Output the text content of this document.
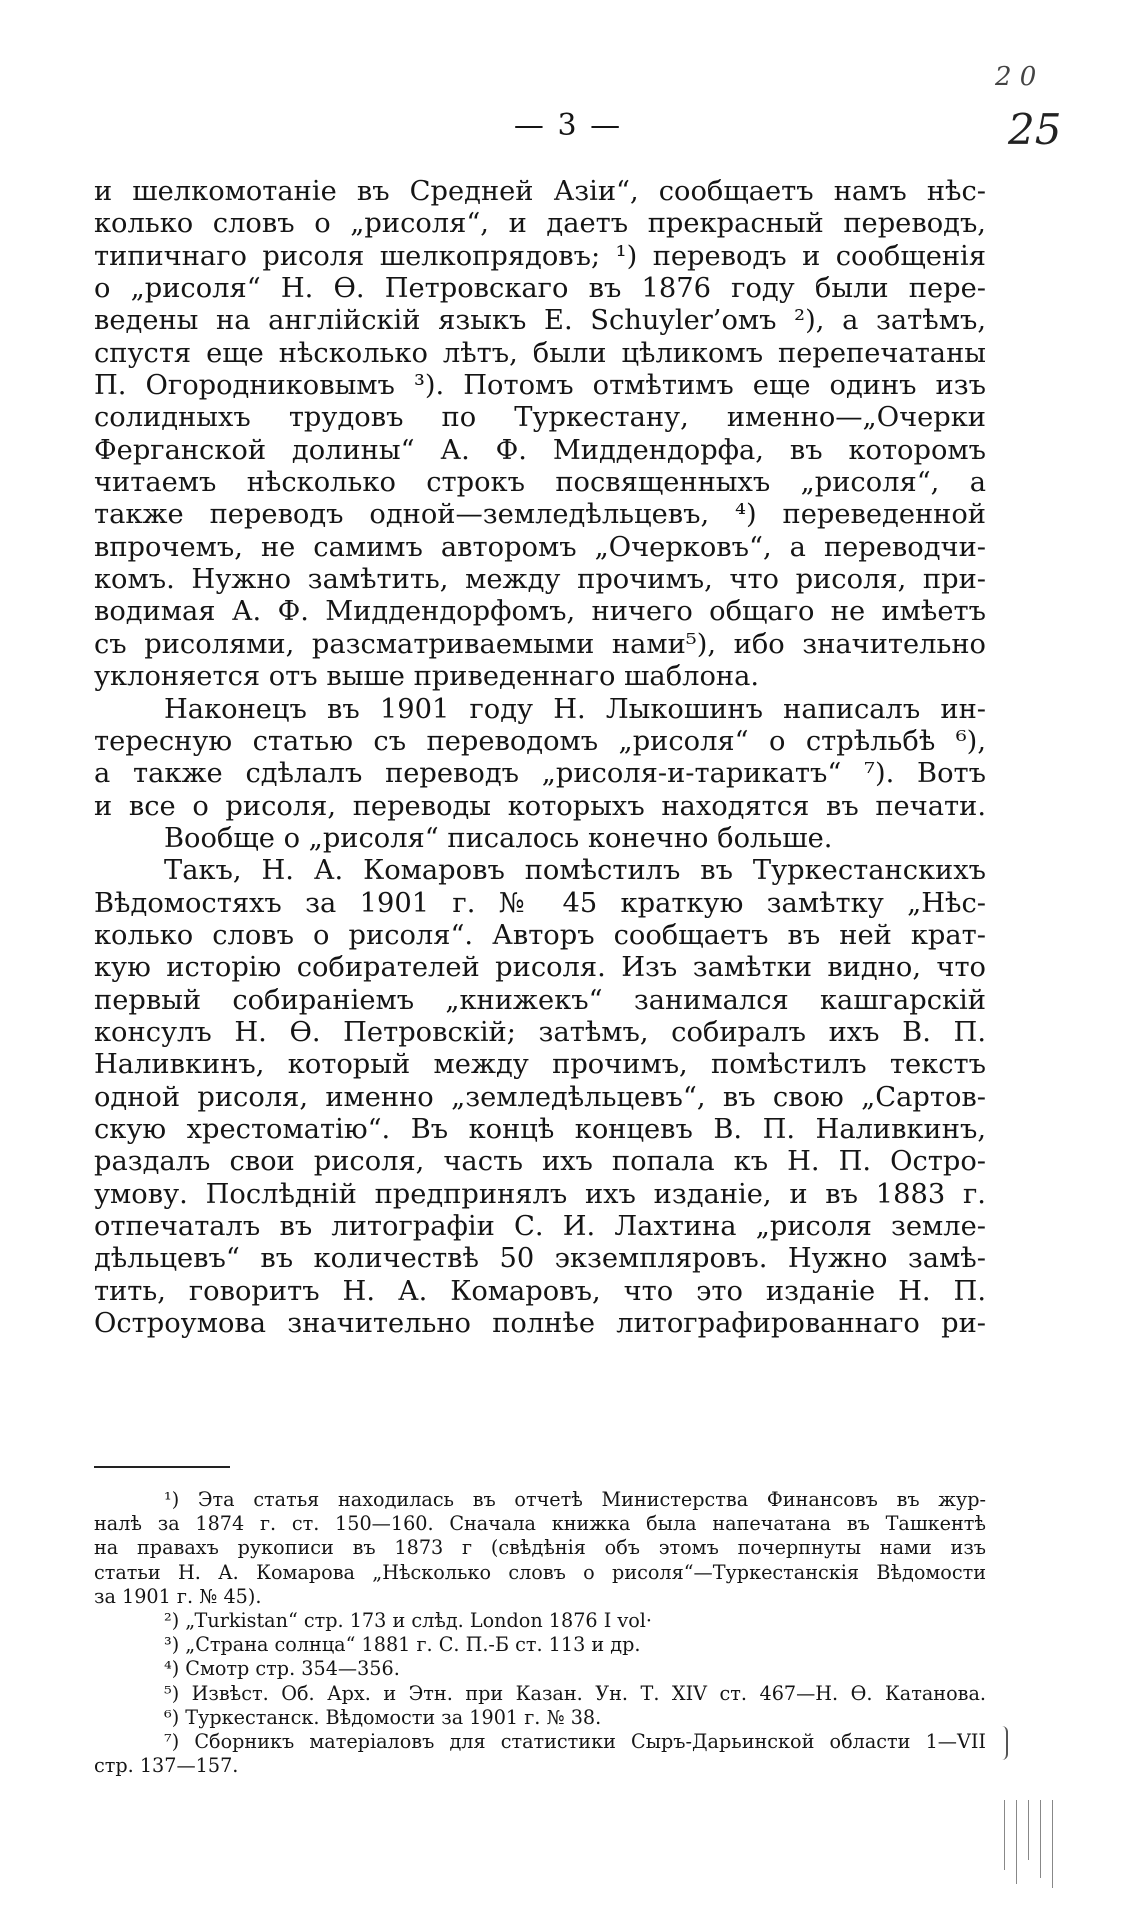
— 3 —
2 0
25
и шелкомотаніе въ Средней Азіи“, сообщаетъ намъ нѣс-
колько словъ о „рисоля“, и даетъ прекрасный переводъ,
типичнаго рисоля шелкопрядовъ; ¹) переводъ и сообщенія
о „рисоля“ Н. Ѳ. Петровскаго въ 1876 году были пере-
ведены на англійскій языкъ E. Schuyler’омъ ²), а затѣмъ,
спустя еще нѣсколько лѣтъ, были цѣликомъ перепечатаны
П. Огородниковымъ ³). Потомъ отмѣтимъ еще одинъ изъ
солидныхъ трудовъ по Туркестану, именно—„Очерки
Ферганской долины“ А. Ф. Миддендорфа, въ которомъ
читаемъ нѣсколько строкъ посвященныхъ „рисоля“, а
также переводъ одной—земледѣльцевъ, ⁴) переведенной
впрочемъ, не самимъ авторомъ „Очерковъ“, а переводчи-
комъ. Нужно замѣтить, между прочимъ, что рисоля, при-
водимая А. Ф. Миддендорфомъ, ничего общаго не имѣетъ
съ рисолями, разсматриваемыми нами⁵), ибо значительно
уклоняется отъ выше приведеннаго шаблона.
Наконецъ въ 1901 году Н. Лыкошинъ написалъ ин-
тересную статью съ переводомъ „рисоля“ о стрѣльбѣ ⁶),
а также сдѣлалъ переводъ „рисоля-и-тарикатъ“ ⁷). Вотъ
и все о рисоля, переводы которыхъ находятся въ печати.
Вообще о „рисоля“ писалось конечно больше.
Такъ, Н. А. Комаровъ помѣстилъ въ Туркестанскихъ
Вѣдомостяхъ за 1901 г. № 45 краткую замѣтку „Нѣс-
колько словъ о рисоля“. Авторъ сообщаетъ въ ней крат-
кую исторію собирателей рисоля. Изъ замѣтки видно, что
первый собираніемъ „книжекъ“ занимался кашгарскій
консулъ Н. Ѳ. Петровскій; затѣмъ, собиралъ ихъ В. П.
Наливкинъ, который между прочимъ, помѣстилъ текстъ
одной рисоля, именно „земледѣльцевъ“, въ свою „Сартов-
скую хрестоматію“. Въ концѣ концевъ В. П. Наливкинъ,
раздалъ свои рисоля, часть ихъ попала къ Н. П. Остро-
умову. Послѣдній предпринялъ ихъ изданіе, и въ 1883 г.
отпечаталъ въ литографіи С. И. Лахтина „рисоля земле-
дѣльцевъ“ въ количествѣ 50 экземпляровъ. Нужно замѣ-
тить, говоритъ Н. А. Комаровъ, что это изданіе Н. П.
Остроумова значительно полнѣе литографированнаго ри-
¹) Эта статья находилась въ отчетѣ Министерства Финансовъ въ жур-
налѣ за 1874 г. ст. 150—160. Сначала книжка была напечатана въ Ташкентѣ
на правахъ рукописи въ 1873 г (свѣдѣнія объ этомъ почерпнуты нами изъ
статьи Н. А. Комарова „Нѣсколько словъ о рисоля“—Туркестанскія Вѣдомости
за 1901 г. № 45).
²) „Turkistan“ стр. 173 и слѣд. London 1876 I vol·
³) „Страна солнца“ 1881 г. С. П.-Б ст. 113 и др.
⁴) Смотр стр. 354—356.
⁵) Извѣст. Об. Арх. и Этн. при Казан. Ун. Т. XIV ст. 467—Н. Ѳ. Катанова.
⁶) Туркестанск. Вѣдомости за 1901 г. № 38.
⁷) Сборникъ матеріаловъ для статистики Сыръ-Дарьинской области 1—VII
стр. 137—157.
